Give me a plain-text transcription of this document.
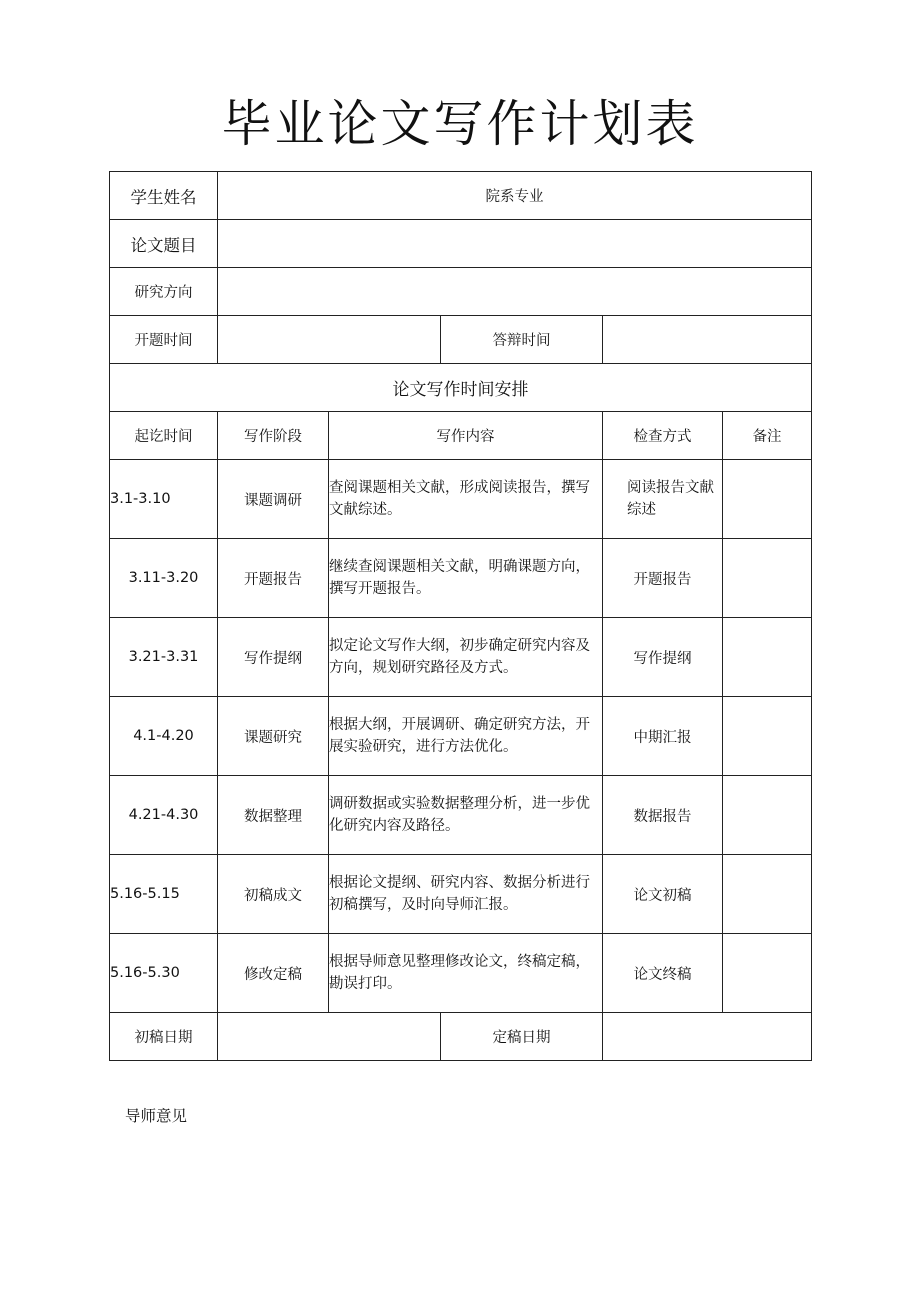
毕业论文写作计划表
学生姓名	院系专业				
论文题目					
研究方向					
开题时间			答辩时间		
论文写作时间安排					
起讫时间	写作阶段	写作内容		检查方式	备注
3.1-3.10	课题调研	查阅课题相关文献，形成阅读报告，撰写文献综述。		阅读报告文献综述	
3.11-3.20	开题报告	继续查阅课题相关文献，明确课题方向，撰写开题报告。		开题报告	
3.21-3.31	写作提纲	拟定论文写作大纲，初步确定研究内容及方向，规划研究路径及方式。		写作提纲	
4.1-4.20	课题研究	根据大纲，开展调研、确定研究方法，开展实验研究，进行方法优化。		中期汇报	
4.21-4.30	数据整理	调研数据或实验数据整理分析，进一步优化研究内容及路径。		数据报告	
5.16-5.15	初稿成文	根据论文提纲、研究内容、数据分析进行初稿撰写，及时向导师汇报。		论文初稿	
5.16-5.30	修改定稿	根据导师意见整理修改论文，终稿定稿，勘误打印。		论文终稿	
初稿日期			定稿日期		
导师意见
